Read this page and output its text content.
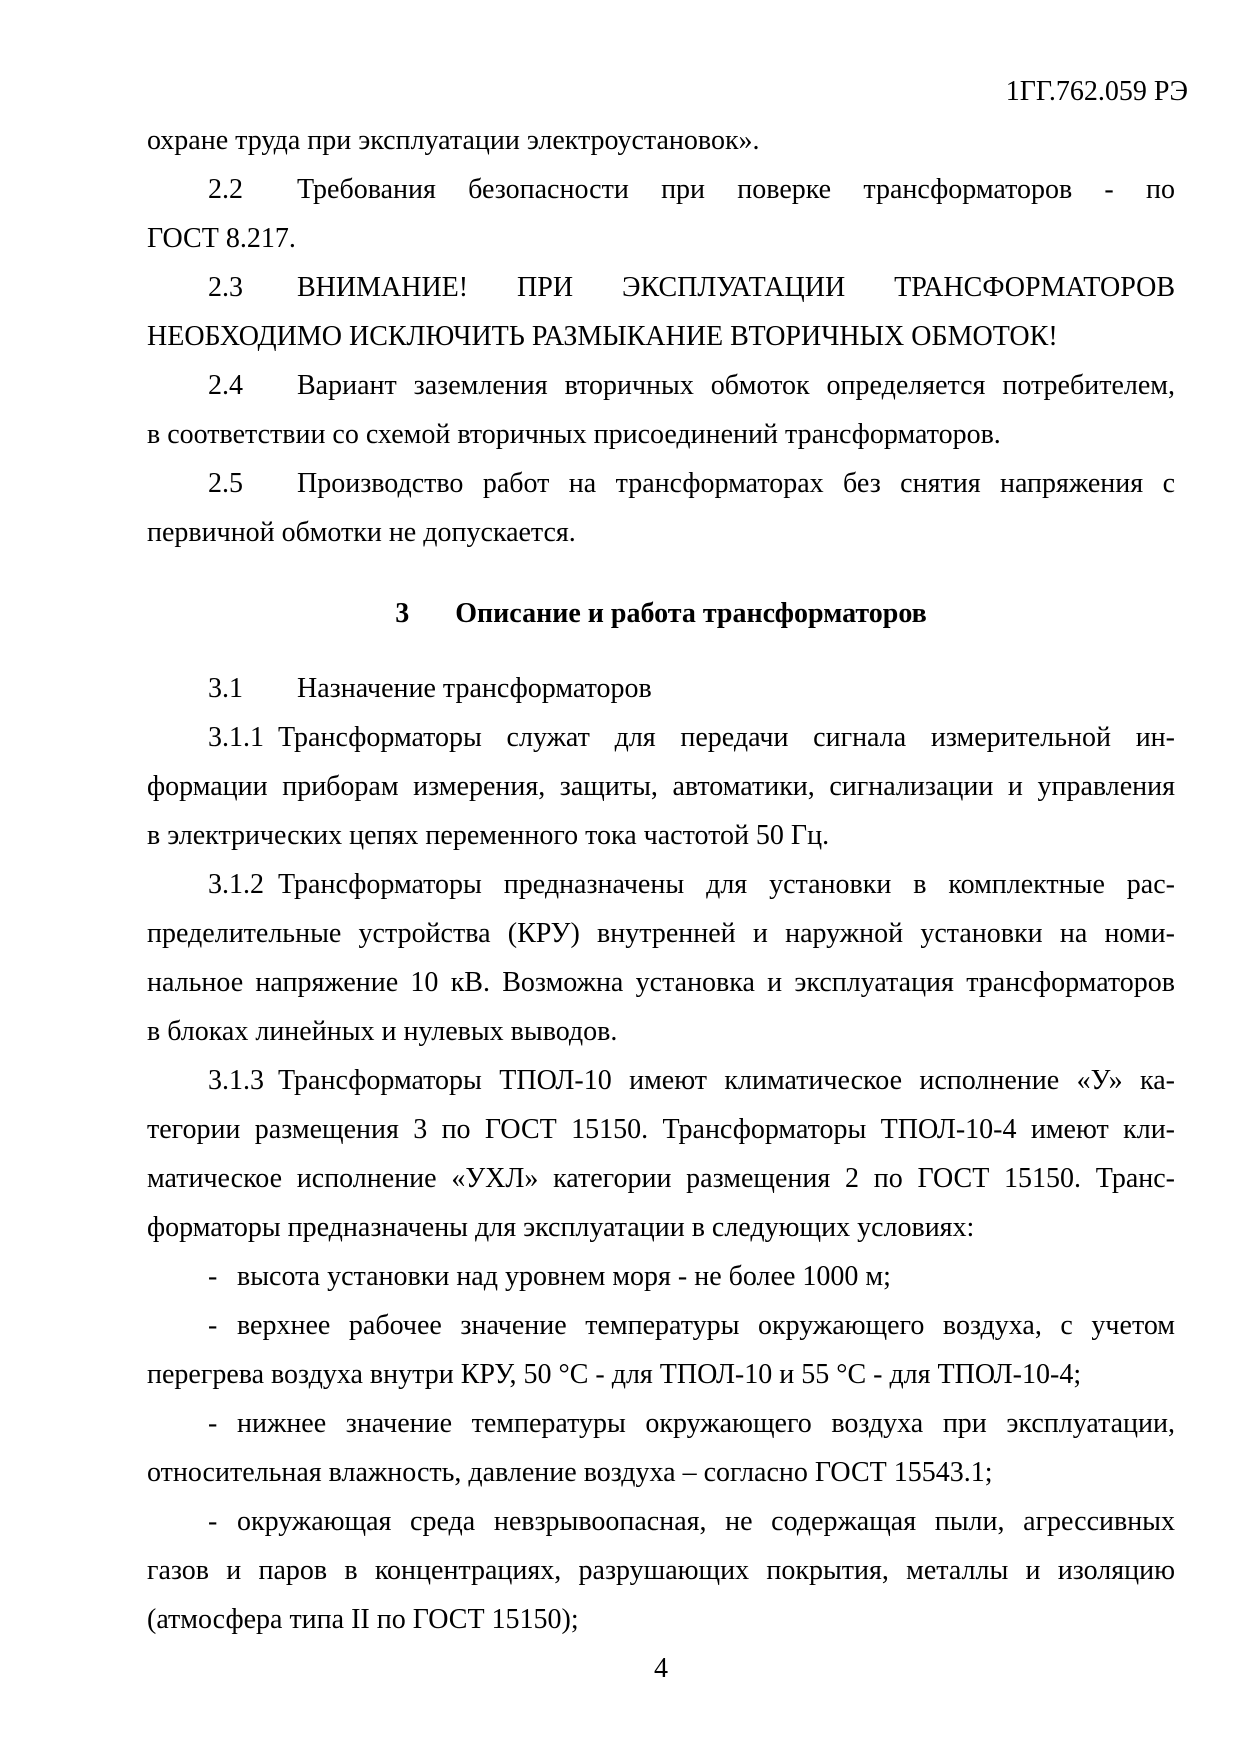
1ГГ.762.059 РЭ
охране труда при эксплуатации электроустановок».
2.2 Требования безопасности при поверке трансформаторов - по
ГОСТ 8.217.
2.3 ВНИМАНИЕ! ПРИ ЭКСПЛУАТАЦИИ ТРАНСФОРМАТОРОВ
НЕОБХОДИМО ИСКЛЮЧИТЬ РАЗМЫКАНИЕ ВТОРИЧНЫХ ОБМОТОК!
2.4 Вариант заземления вторичных обмоток определяется потребителем,
в соответствии со схемой вторичных присоединений трансформаторов.
2.5 Производство работ на трансформаторах без снятия напряжения с
первичной обмотки не допускается.
3 Описание и работа трансформаторов
3.1 Назначение трансформаторов
3.1.1 Трансформаторы служат для передачи сигнала измерительной ин-
формации приборам измерения, защиты, автоматики, сигнализации и управления
в электрических цепях переменного тока частотой 50 Гц.
3.1.2 Трансформаторы предназначены для установки в комплектные рас-
пределительные устройства (КРУ) внутренней и наружной установки на номи-
нальное напряжение 10 кВ. Возможна установка и эксплуатация трансформаторов
в блоках линейных и нулевых выводов.
3.1.3 Трансформаторы ТПОЛ-10 имеют климатическое исполнение «У» ка-
тегории размещения 3 по ГОСТ 15150. Трансформаторы ТПОЛ-10-4 имеют кли-
матическое исполнение «УХЛ» категории размещения 2 по ГОСТ 15150. Транс-
форматоры предназначены для эксплуатации в следующих условиях:
- высота установки над уровнем моря - не более 1000 м;
- верхнее рабочее значение температуры окружающего воздуха, с учетом
перегрева воздуха внутри КРУ, 50 °С - для ТПОЛ-10 и 55 °С - для ТПОЛ-10-4;
- нижнее значение температуры окружающего воздуха при эксплуатации,
относительная влажность, давление воздуха – согласно ГОСТ 15543.1;
- окружающая среда невзрывоопасная, не содержащая пыли, агрессивных
газов и паров в концентрациях, разрушающих покрытия, металлы и изоляцию
(атмосфера типа II по ГОСТ 15150);
4
